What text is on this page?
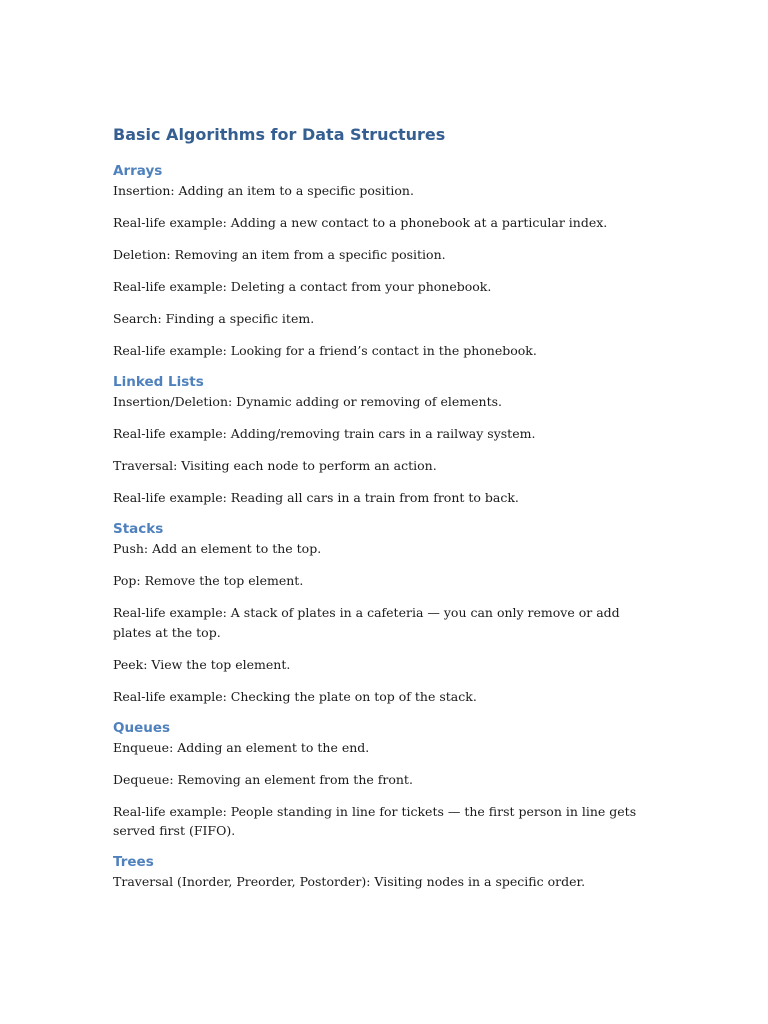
Basic Algorithms for Data Structures
Arrays

Insertion: Adding an item to a specific position.

Real-life example: Adding a new contact to a phonebook at a particular index.

Deletion: Removing an item from a specific position.

Real-life example: Deleting a contact from your phonebook.

Search: Finding a specific item.

Real-life example: Looking for a friend’s contact in the phonebook.

Linked Lists

Insertion/Deletion: Dynamic adding or removing of elements.

Real-life example: Adding/removing train cars in a railway system.

Traversal: Visiting each node to perform an action.

Real-life example: Reading all cars in a train from front to back.

Stacks

Push: Add an element to the top.

Pop: Remove the top element.

Real-life example: A stack of plates in a cafeteria — you can only remove or add plates at the top.

Peek: View the top element.

Real-life example: Checking the plate on top of the stack.

Queues

Enqueue: Adding an element to the end.

Dequeue: Removing an element from the front.

Real-life example: People standing in line for tickets — the first person in line gets served first (FIFO).

Trees

Traversal (Inorder, Preorder, Postorder): Visiting nodes in a specific order.
